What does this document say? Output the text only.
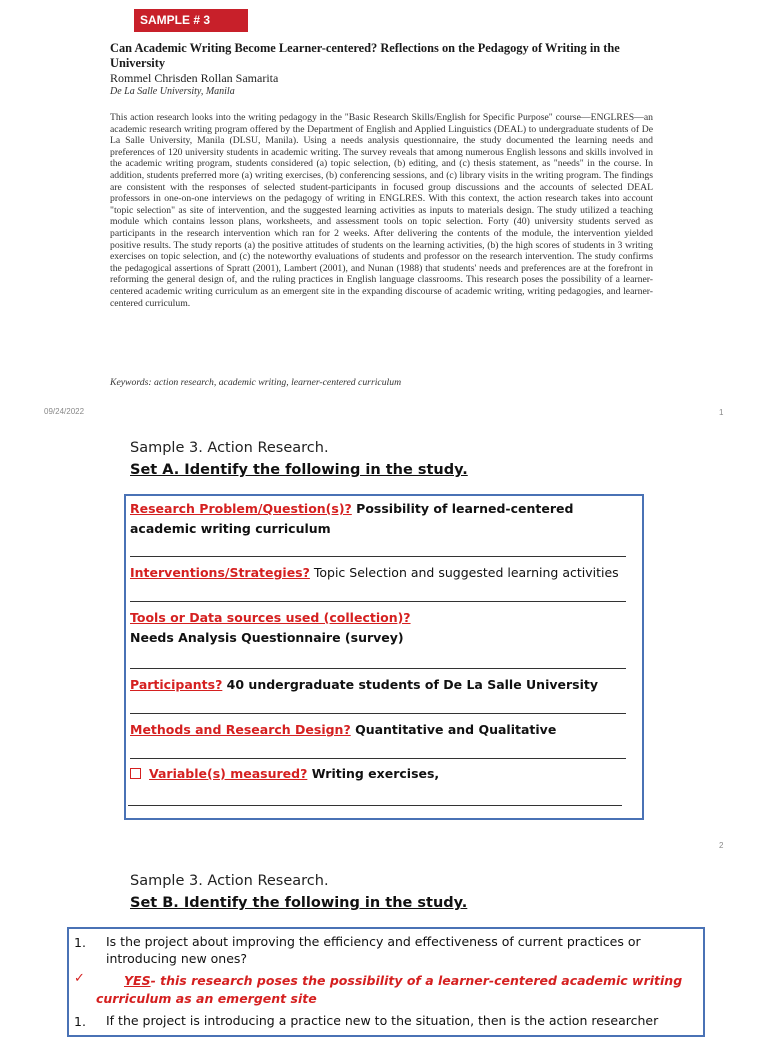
SAMPLE # 3
Can Academic Writing Become Learner-centered? Reflections on the Pedagogy of Writing in the University
Rommel Chrisden Rollan Samarita
De La Salle University, Manila

This action research looks into the writing pedagogy in the "Basic Research Skills/English for Specific Purpose" course—ENGLRES—an academic research writing program offered by the Department of English and Applied Linguistics (DEAL) to undergraduate students of De La Salle University, Manila (DLSU, Manila). Using a needs analysis questionnaire, the study documented the learning needs and preferences of 120 university students in academic writing. The survey reveals that among numerous English lessons and skills involved in the academic writing program, students considered (a) topic selection, (b) editing, and (c) thesis statement, as "needs" in the course. In addition, students preferred more (a) writing exercises, (b) conferencing sessions, and (c) library visits in the writing program. The findings are consistent with the responses of selected student-participants in focused group discussions and the accounts of selected DEAL professors in one-on-one interviews on the pedagogy of writing in ENGLRES. With this context, the action research takes into account "topic selection" as site of intervention, and the suggested learning activities as inputs to materials design. The study utilized a teaching module which contains lesson plans, worksheets, and assessment tools on topic selection. Forty (40) university students served as participants in the research intervention which ran for 2 weeks. After delivering the contents of the module, the intervention yielded positive results. The study reports (a) the positive attitudes of students on the learning activities, (b) the high scores of students in 3 writing exercises on topic selection, and (c) the noteworthy evaluations of students and professor on the research intervention. The study confirms the pedagogical assertions of Spratt (2001), Lambert (2001), and Nunan (1988) that students' needs and preferences are at the forefront in reforming the general design of, and the ruling practices in English language classrooms. This research poses the possibility of a learner-centered academic writing curriculum as an emergent site in the expanding discourse of academic writing, writing pedagogies, and learner-centered curriculum.

Keywords: action research, academic writing, learner-centered curriculum
09/24/2022	1
Sample 3. Action Research.
Set A. Identify the following in the study.
Research Problem/Question(s)? Possibility of learned-centered academic writing curriculum
Interventions/Strategies? Topic Selection and suggested learning activities
Tools or Data sources used (collection)?
Needs Analysis Questionnaire (survey)
Participants? 40 undergraduate students of De La Salle University
Methods and Research Design? Quantitative and Qualitative
Variable(s) measured? Writing exercises,
2
Sample 3. Action Research.
Set B. Identify the following in the study.
1. Is the project about improving the efficiency and effectiveness of current practices or introducing new ones?
✓	YES- this research poses the possibility of a learner-centered academic writing curriculum as an emergent site
1. If the project is introducing a practice new to the situation, then is the action researcher
